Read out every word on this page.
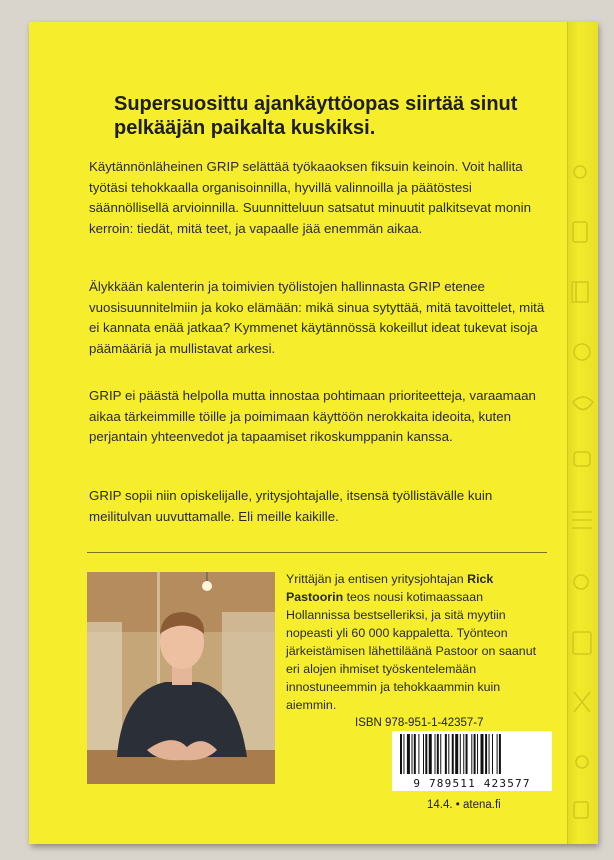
Supersuosittu ajankäyttöopas siirtää sinut pelkääjän paikalta kuskiksi.
Käytännönläheinen GRIP selättää työkaaoksen fiksuin keinoin. Voit hallita työtäsi tehokkaalla organisoinnilla, hyvillä valinnoilla ja päätöstesi säännöllisellä arvioinnilla. Suunnitteluun satsatut minuutit palkitsevat monin kerroin: tiedät, mitä teet, ja vapaalle jää enemmän aikaa.
Älykkään kalenterin ja toimivien työlistojen hallinnasta GRIP etenee vuosisuunnitelmiin ja koko elämään: mikä sinua sytyttää, mitä tavoittelet, mitä ei kannata enää jatkaa? Kymmenet käytännössä kokeillut ideat tukevat isoja päämääriä ja mullistavat arkesi.
GRIP ei päästä helpolla mutta innostaa pohtimaan prioriteetteja, varaamaan aikaa tärkeimmille töille ja poimimaan käyttöön nerokkaita ideoita, kuten perjantain yhteenvedot ja tapaamiset rikoskumppanin kanssa.
GRIP sopii niin opiskelijalle, yritysjohtajalle, itsensä työllistävälle kuin meilitulvan uuvuttamalle. Eli meille kaikille.
Yrittäjän ja entisen yritysjohtajan Rick Pastoorin teos nousi kotimaassaan Hollannissa bestselleriksi, ja sitä myytiin nopeasti yli 60 000 kappaletta. Työnteon järkeistämisen lähettiläänä Pastoor on saanut eri alojen ihmiset työskentelemään innostuneemmin ja tehokkaammin kuin aiemmin.
ISBN 978-951-1-42357-7
9 789511 423577
14.4. • atena.fi
